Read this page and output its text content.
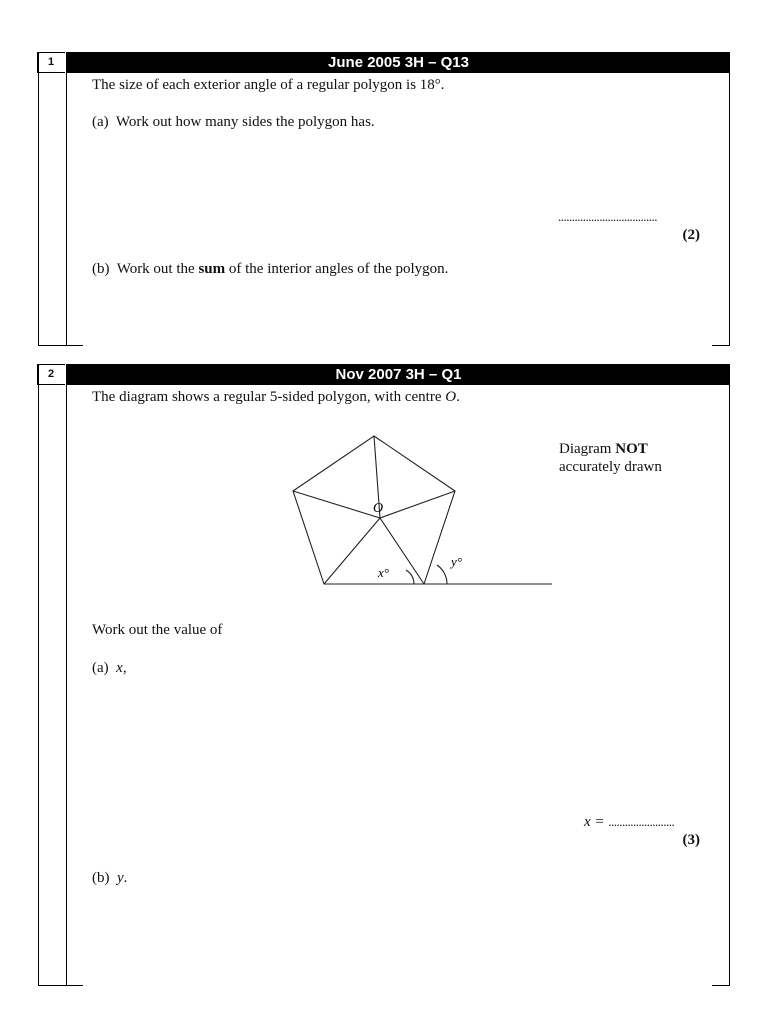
1	June 2005 3H – Q13
The size of each exterior angle of a regular polygon is 18°.
(a) Work out how many sides the polygon has.
....................................
(2)
(b) Work out the sum of the interior angles of the polygon.
2	Nov 2007 3H – Q1
The diagram shows a regular 5-sided polygon, with centre O.
Diagram NOT
accurately drawn
O
x°
y°
Work out the value of
(a) x,
x = ........................
(3)
(b) y.
